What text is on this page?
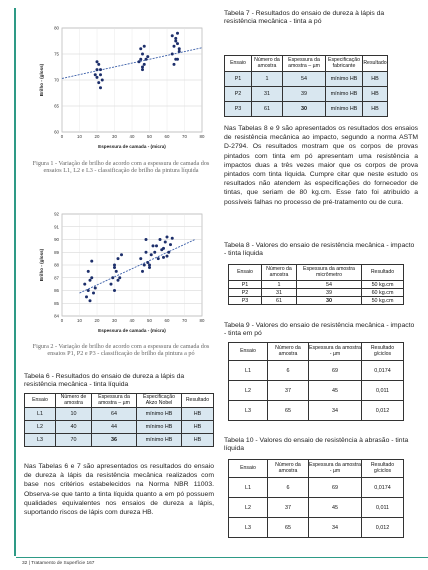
60
65
70
75
80
0	10	20	30	40	50	60	70	80
Espessura de camada - (micra)
Brilho - (gloss)
Figura 1 - Variação de brilho de acordo com a espessura de camada dos ensaios L1, L2 e L3 - classificação de brilho da pintura líquida
84
85
86
87
88
89
90
91
92
0	10	20	30	40	50	60	70	80
Espessura de camada - (micra)
Brilho - (gloss)
Figura 2 - Variação de brilho de acordo com a espessura de camada dos ensaios P1, P2 e P3 - classificação de brilho da pintura a pó
Tabela 6 - Resultados do ensaio de dureza a lápis da resistência mecânica - tinta líquida
Ensaio	Número de amostra	Espessura da amostra – µm	Especificação Akzo Nobel	Resultado
L1	10	64	mínimo HB	HB
L2	40	44	mínimo HB	HB
L3	70	36	mínimo HB	HB
Nas Tabelas 6 e 7 são apresentados os resultados do ensaio de dureza à lápis da resistência mecânica realizados com base nos critérios estabelecidos na Norma NBR 11003. Observa-se que tanto a tinta líquida quanto a em pó possuem qualidades equivalentes nos ensaios de dureza a lápis, suportando riscos de lápis com dureza HB.
Tabela 7 - Resultados do ensaio de dureza à lápis da resistência mecânica - tinta a pó
Ensaio	Número da amostra	Espessura da amostra – µm	Especificação fabricante	Resultado
P1	1	54	mínimo HB	HB
P2	31	39	mínimo HB	HB
P3	61	30	mínimo HB	HB
Nas Tabelas 8 e 9 são apresentados os resultados dos ensaios de resistência mecânica ao impacto, segundo a norma ASTM D-2794. Os resultados mostram que os corpos de provas pintados com tinta em pó apresentam uma resistência a impactos duas a três vezes maior que os corpos de prova pintados com tinta líquida. Cumpre citar que neste estudo os resultados não atendem às especificações do fornecedor de tintas, que seriam de 80 kg.cm. Esse fato foi atribuído a possíveis falhas no processo de pré-tratamento ou de cura.
Tabela 8 - Valores do ensaio de resistência mecânica - impacto - tinta líquida
Ensaio	Número da amostra	Espessura da amostra micrômetro	Resultado
P1	1	54	50 kg.cm
P2	31	39	60 kg.cm
P3	61	30	50 kg.cm
Tabela 9 - Valores do ensaio de resistência mecânica - impacto - tinta em pó
Ensaio	Número da amostra	Espessura da amostra - µm	Resultado g/ciclos
L1	6	69	0,0174
L2	37	45	0,011
L3	65	34	0,012
Tabela 10 - Valores do ensaio de resistência à abrasão - tinta líquida
Ensaio	Número da amostra	Espessura da amostra - µm	Resultado g/ciclos
L1	6	69	0,0174
L2	37	45	0,011
L3	65	34	0,012
32 | Tratamento de Superfície 167
